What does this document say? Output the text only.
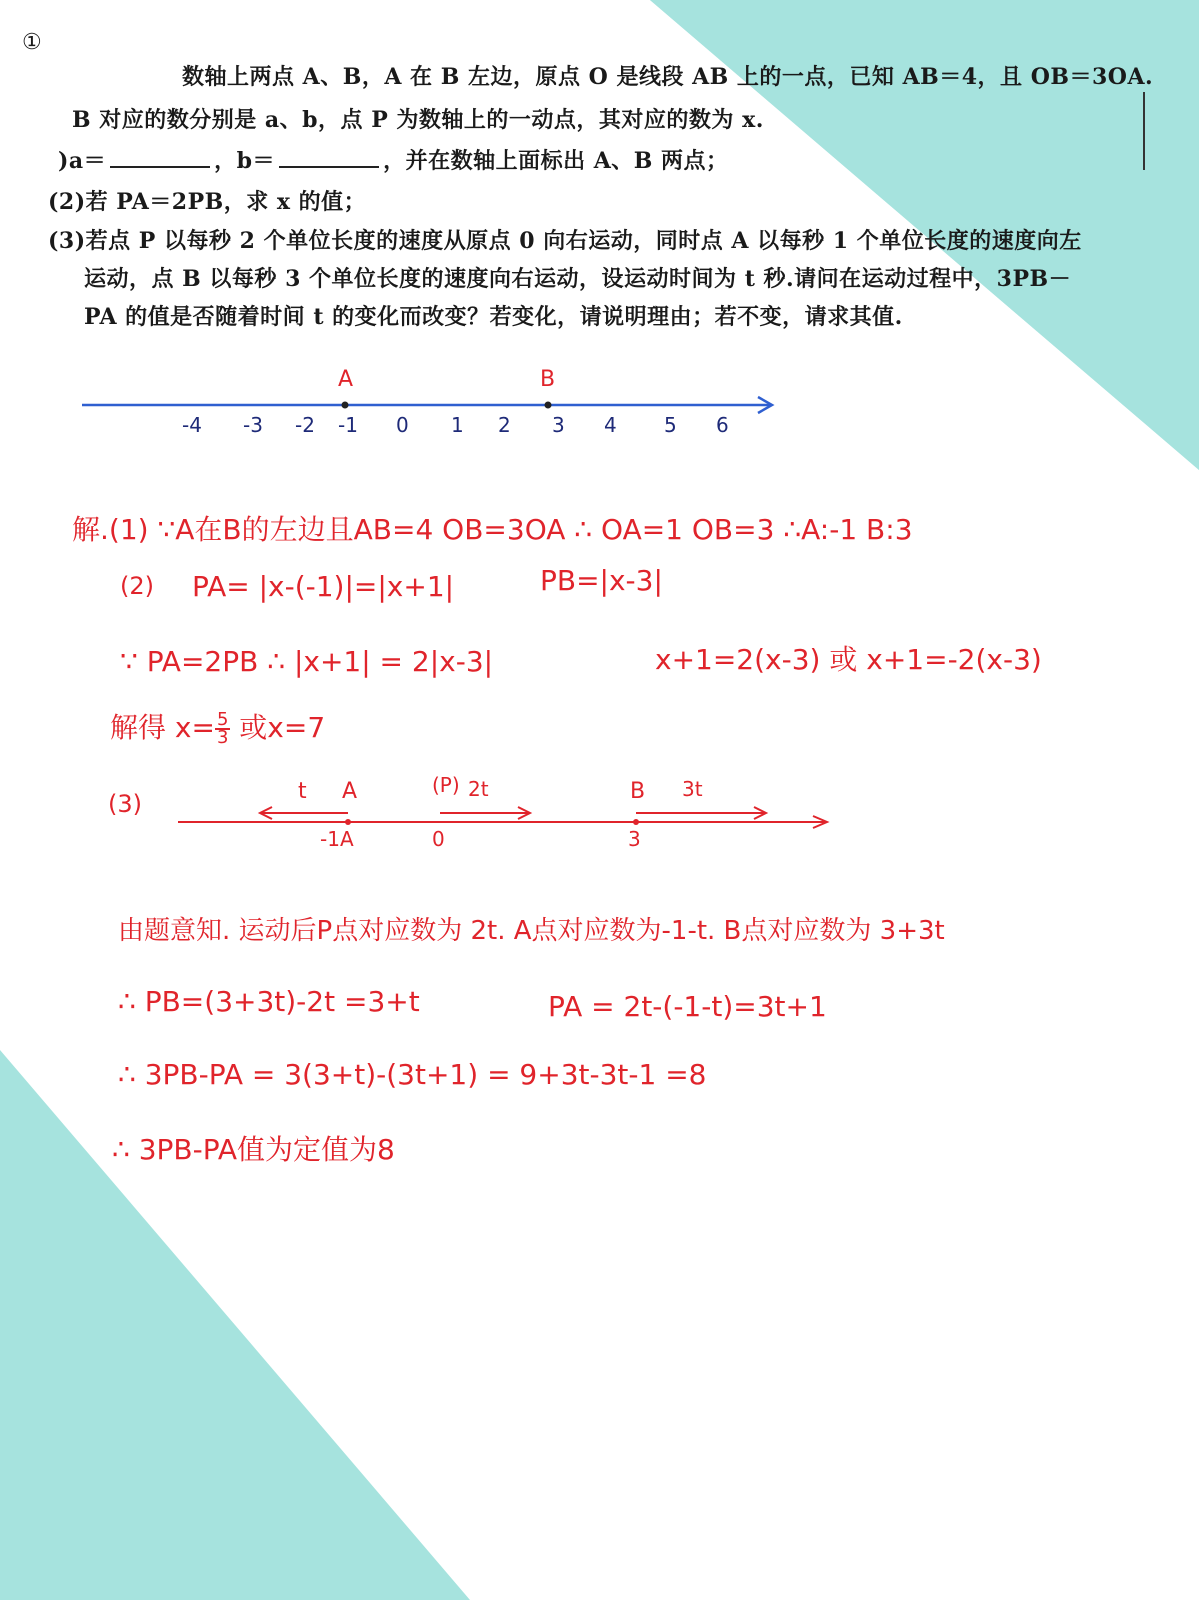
①
数轴上两点 A、B，A 在 B 左边，原点 O 是线段 AB 上的一点，已知 AB＝4，且 OB＝3OA.
B 对应的数分别是 a、b，点 P 为数轴上的一动点，其对应的数为 x.
)a＝	，b＝	，并在数轴上面标出 A、B 两点；
(2)若 PA＝2PB，求 x 的值；
(3)若点 P 以每秒 2 个单位长度的速度从原点 0 向右运动，同时点 A 以每秒 1 个单位长度的速度向左
运动，点 B 以每秒 3 个单位长度的速度向右运动，设运动时间为 t 秒.请问在运动过程中，3PB－
PA 的值是否随着时间 t 的变化而改变？若变化，请说明理由；若不变，请求其值.
A	B
-4 -3 -2 -1 0 1 2 3 4 5 6
解.(1) ∵A在B的左边且AB=4 OB=3OA ∴ OA=1 OB=3 ∴A:-1 B:3
(2) PA= |x-(-1)|=|x+1|	PB=|x-3|
∵ PA=2PB ∴ |x+1| = 2|x-3|	x+1=2(x-3) 或 x+1=-2(x-3)
解得 $x= \frac{5}{3}$ 或x=7
(3)	t A	(P) 2t	B 3t
-1A	0	3
由题意知. 运动后P点对应数为 2t. A点对应数为-1-t. B点对应数为 3+3t
∴ PB=(3+3t)-2t =3+t	PA = 2t-(-1-t)=3t+1
∴ 3PB-PA = 3(3+t)-(3t+1) = 9+3t-3t-1 =8
∴ 3PB-PA值为定值为8
